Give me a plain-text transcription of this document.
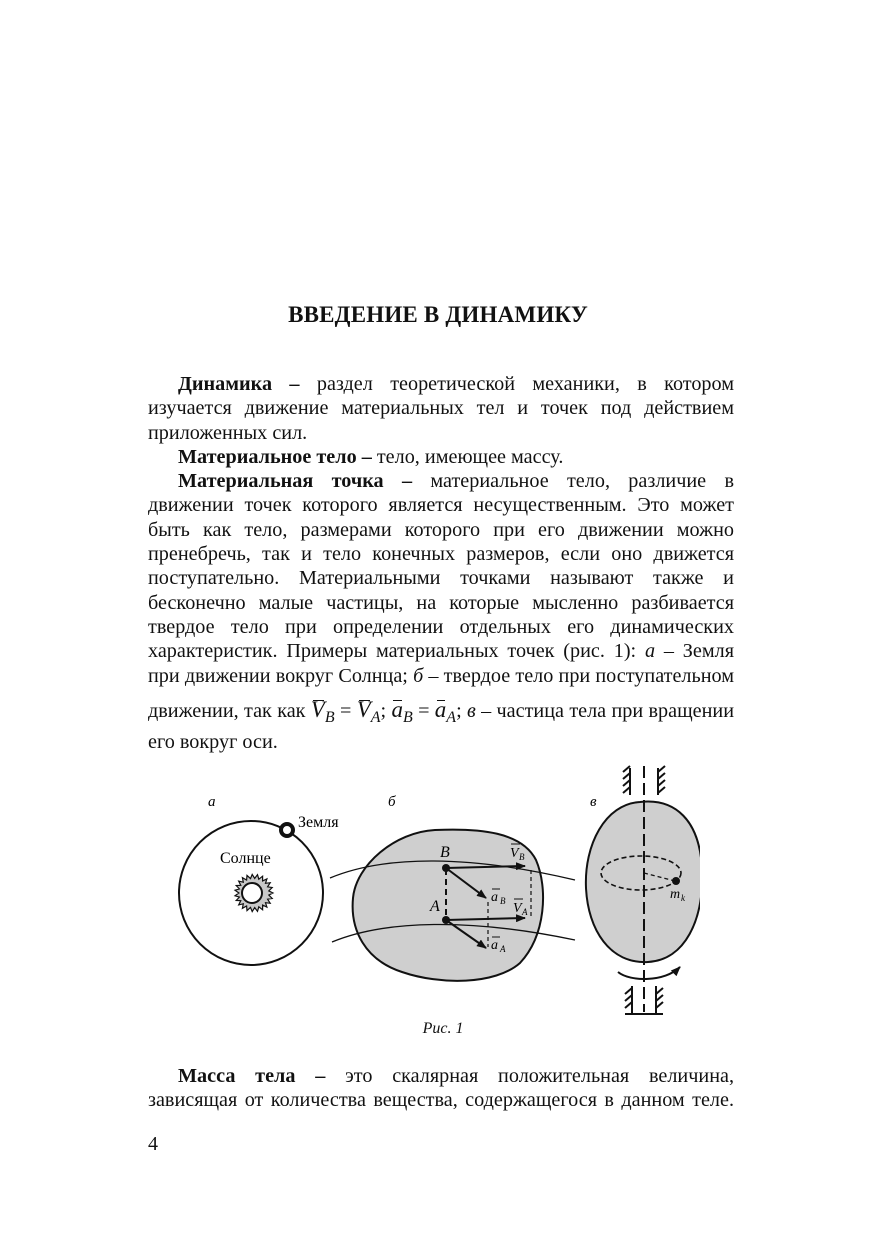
ВВЕДЕНИЕ В ДИНАМИКУ

Динамика – раздел теоретической механики, в котором изучается движение материальных тел и точек под действием приложенных сил.

Материальное тело – тело, имеющее массу.

Материальная точка – материальное тело, различие в движении точек которого является несущественным. Это может быть как тело, размерами которого при его движении можно пренебречь, так и тело конечных размеров, если оно движется поступательно. Материальными точками называют также и бесконечно малые частицы, на которые мысленно разбивается твердое тело при определении отдельных его динамических характеристик. Примеры материальных точек (рис. 1): а – Земля при движении вокруг Солнца; б – твердое тело при поступательном

движении, так как $V_B = V_A$; $a_B = a_A$; в – частица тела при вращении его вокруг оси.

а
Земля
Солнце
б
B
A
V B
a B V A
a A
в
m k
Рис. 1

Масса тела – это скалярная положительная величина, зависящая от количества вещества, содержащегося в данном теле.

4
